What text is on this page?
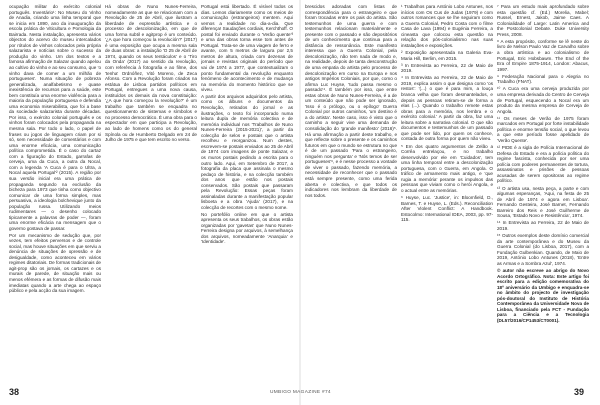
ocupação militar do exército colonial português. Inventário¹: No Museu do Vinho de Anadia, criando uma linha temporal que se inicia em 1890, ano da inauguração da escola prática de Viticultura e Pomologia da Bairrada. Nesta instalação, apresenta vários objectos do acervo do museu intercalados por rótulos de vinhos colocados pela própria salazarista e notícias sobre o sucesso da produção do vinho. Um dos textos e a famosa afirmação de Salazar quando apelou ao cultivo do vinho e ao seu consumo, que 'o vinho dava de comer a um milhão de portugueses'. Numa situação de pobreza generalizada, analfabetismo e quase inexistência de recursos para a saúde, este bem constituía uma enorme violência para a maioria da população portuguesa e defendia uma economia miserabilista, que foi a base da sociedade salazarista durante décadas. Por isso, o exército colonial português e os vinhos foram colocados pela propaganda na mesma sala. Por todo o lado, o papel de frases ou jogos de linguagem criam por si só, sem necessidade de comentários e com uma enorme eficácia, uma comunicação política comprometida. É o caso do cartaz com a figuração do Estado, garrafas de cerveja, uma da Cuca, a outra da Nocal, com a legenda 'A Cuca é para o Ultra, a Nocal aquela Portugal'² (2015). A região por sua versão inicial era uma prática de propaganda segundo na exclusão da bicheza para 1973 que tinha como objectivo comunicar de uma forma simples, mas persuasiva, a ideologia bolchevique junto da população russa. Utilizando meios rudimentares — o desenho colocado tipicamente a palavras de poder —, foram uma enorme eficácia na mensagem que o governo gostava de passar.

Por um mecanismo de sedução que, por vezes, tem efeitos perversos e de controle social, mas houve situações em que serviu a denúncia de situações de opressão e de desigualdade, como aconteceu em vários regimes ditatoriais. De formas tradicionais de agit-prop são os jornais, os cartazes e os murais de parede, de situação mais ou menos efémera e as formas de difusão mais imediatas quando a arte chega ao espaço público e pela acção da sua imagem.

Há obras de Nuno Nunes-Ferreira, nomeadamente as que se relacionam com a Revolução de 25 de Abril, que ilustram a liberdade de expressão artística e o processo de descolonização, em que de uma forma subtil e agitprop é um conteúdo. '¿A que hora começou la revolución?' (2017) é uma exposição que ocupa a mesma sala de duas obras: a instalação 'O 25 de Abril de 1974, quando os seus tentáculos' e o 'Tiro da Onda' (2017) ao sentido da revolução, com referência à fotografia e ao filme, dos 'tenha' Ordnóñez, Vitó Moreno, de Zeca Afonso. Com a Revolução foram criados na estátua de Lisboa partidos políticos em Portugal, entregues a uma nova causa, instituídos os demais da nova constituição: '¿A que hora começou la revolução?' é um trabalho que também se enquadra no questionamento de sistemas e símbolos e no processo democrático. É uma obra para o espectador em que participa a Revolução, ao lado de homens como os do general Spínola ou de Humberto Delgado em 24 de Julho de 1975 e que tem escrito no verso.

Portugal está libertado. É visível todos os dias. Lemos diariamente como os meios de comunicação (estrangeiros) mentem. Aqui vemos a realidade no dia-a-dia. Que diferença! Saudações cordiais, Kerchthoff. O postal foi enviado durante o 'Verão quente'³ e uma das obras torna esse tom antes de Portugal. Trata-se de uma viagem de ferro e avante, com 5 metros de largura por 2,5 metros de altura, criada com dezenas de jornais e revistas originais do período que vai de 1974 a 1977, que contextualizam o ponto fundamental da revolução enquanto fenómeno de acontecimento e de mudança na memória do momento histórico que se viveu.

A partir dos arquivos adquiridos pelo artista, como os álbuns e documentos da Revolução, retirados do jornal e as ilustrações, o texto foi incorporado numa leitura dupla de memória colectiva e de memória individual nos 'Trabalhos de Nuno Nunes-Ferreira (2015-2021)', a partir da colecção de selos e postais que o artista recolheu e reorganizou. Num destes, escrevem-se postais enviados ao 25 de Abril de 1974 com imagens de ponte Salazar, e os muros postais pedindo a escrita para o outro lado. Aqui, em Setembro de 2017, a fotografia da placa que assinala o mesmo pedaço de história, e na colecção também dos anos que estão nos postais conservados. São postais que passaram pela Revolução: Essas peças foram assinaladas durante a manifestação popular lisboeta e a obra 'Ajuda' (2017), e na colecção de recortes com o mesmo nome.

No portefólio online em que o artista apresenta os seus trabalhos, os obras estão organizadas por 'gavetas' que Nuno Nunes-Ferreira designa por arquivos, à semelhança dos arquivos, nomeadamente 'Anarquia' e 'Identidade'.

brescidos adoradas com listas de correspondência para o estrangeiro e que foram trocadas entre os pais do artista. São testemunhos de uma guerra e com testemunhos relacionam materialmente e presente com o passado e são depositórios de um conhecimento que continua para a distância de ressonância. Este manifesto interessa que a Guerra Colonial, pela descolonização, não tem nada de modo e, na realidade, depois de tanta desconstrução de uma empatia do artista pelo processo de descolonização em curso na Europa e nos antigos Impérios Coloniais, por que, como o afirma Luc Huyse, 'tudo passa mesmo o passado'⁴. É também por isso, que entre estas obras de Nuno Nunes-Ferreira, é a de um conteúdo que não pode ser ignorado, 'Isso é o prólogo, ou o epílogo' Guerra Colonial por outros caminhos, 'um destino é a do artista'. Neste caso, isso é visto que o caminho a seguir vive uma demanda de consolidação do 'grande manifesto' (2016)⁵. Há uma afirmação a partir deste trabalho, e que reflecte sobre o presente e os caminhos futuros em que o mundo se estrutura no que é de um passado 'Para o estrangeiro, ninguém nos pergunta' e 'Nós temos de ser portugueses'⁶, e é nesse processo a vontade de viver o passado, fazendo memória, a necessidade de reconhecer que o passado está sempre presente, como uma ferida aberta e colectiva, e que todos os indicadores nos lembram da liberdade de nos todos.

¹ Trabalhos para António Lobo Antunes, nos inícios com Os Cus de Judas (1979) e com outros romances que se lhe seguiram como a Guerra Colonial, Pedro Costa com o filme Casa de Lava (1994) e Eugénia Ferreira, a cineasta que colocou esta questão na relação dos pós-colonialismo nas suas instalações e exposições.

² Exposição apresentada na Galeria Eva-Maria Hill, Berlim, em 2015.

³ In Entrevista ao Ferreira, 22 de Maio de 2019.

⁴ In Entrevista ao Ferreira, 22 de Maio de 2019, explica assim o que designa como 'os restos': '(...) o que é para mim, a louça branca velha que foram desmantelados, e depois as pessoas retiram-se de forma a elas (...). Quando o trabalho remete estas obras para a memória, nos lembra e o exército colonial.' A partir da obra, faz uma leitura sobre a narrativa colonial. O que são documentos e testemunhos de um passado que pode ser lido, por quem os conhece, contada de outra forma por quem não viveu.

⁵ Em dos quatro argumentos de Zelão a Corrêa entrelaçou, e no trabalho desenvolvido por ele em 'Cuidados', tem uma linha temporal entre a descolonização portuguesa, com o Guerra, em Angola. O tráfico de armamento mais antigo, e 'que rugia a memória' perante os impulsos das pessoas que viviam como o herói Angola, e o actual entre as memórias.

⁶ Huyse, Luc. 'Justice', in: Bloomfield, D., Barnes, T. e Huyse, L. (Eds.). Reconciliation After Violent Conflict: A Handbook. Estocolmo: International IDEA, 2003, pp. 97-115.

⁷ Para um estudo mais aprofundado sobre esta questão cf. (Ed.) Morelia, Mabel; Russel, Ernest, Jakob, Jaime Caes. A Colonialidade of Large: Latin America and the Postcolonial Debate. Duke University Press, 2008.

⁸ A esta propósito, conforme se lê neste do livro de Nelson Paulo Vaz de Carvalho sobre a obra artística e ao colonialismo de Portugal, Eric Hobsbawm. The End of the Era of Empire 1875-1914, London: Abacus, 1997.

⁹ Federação Nacional para o Alegria no Trabalho (FNAT).

¹⁰ A Cuca era uma cerveja produzida por uma empresa derivada do Centro de Cerveja de Portugal, esquecendo a Nocal era um produto da mesma empresa de Cerveja de Angola.

¹¹ Os meses de Verão de 1975 foram marcados em Portugal por forte instabilidade política e enorme tensão social, o que levou a que este período fosse apelidado de 'Verão Quente'.

¹² PIDE é a sigla de Polícia Internacional de Defesa do Estado e era a polícia política do regime fascista, conhecida por ser uma polícia com poderes permanentes de tortura, assassinatos e prisões de pessoas acusadas de serem opositoras ao regime político.

¹³ O artista usa, nesta peça, a parte e com algumas esperanças, 'Aqui, na festa de 25 de Abril de 1974 e agora em Lisboa'. Fernando Gesteira, José Barnet, Fernando Barreiro dos Reis e José Guilherme de Sousa, 'Estado Novo e Resistência', 1974.

¹⁴ In Entrevista ao Ferreira, 22 de Maio de 2019.

¹⁵ Outros exemplos deste domínio comercial da arte contemporânea e do Museu da Guerra Colonial (do Lisboa, 2017), com a Fundação Gulbenkian. Quando, de Maio de 2019, António Lobo Antunes (2018), 'Entre as Armas e a Sombra Azul', 1974.

© autor não escreve ao abrigo do Novo Acordo Ortográfico. Nota: Este artigo foi escrito para a edição comemorativa do 18º aniversário da Umbigo e enquadra-se no âmbito do projecto de investigação pós-doutoral do Instituto de História Contemporânea da Universidade Nova de Lisboa, financiado pela FCT - Fundação para a Ciência e a Tecnologia (DL57/2016/CP1453/CT0001).

38	UMBIGO MAGAZINE #74	39
